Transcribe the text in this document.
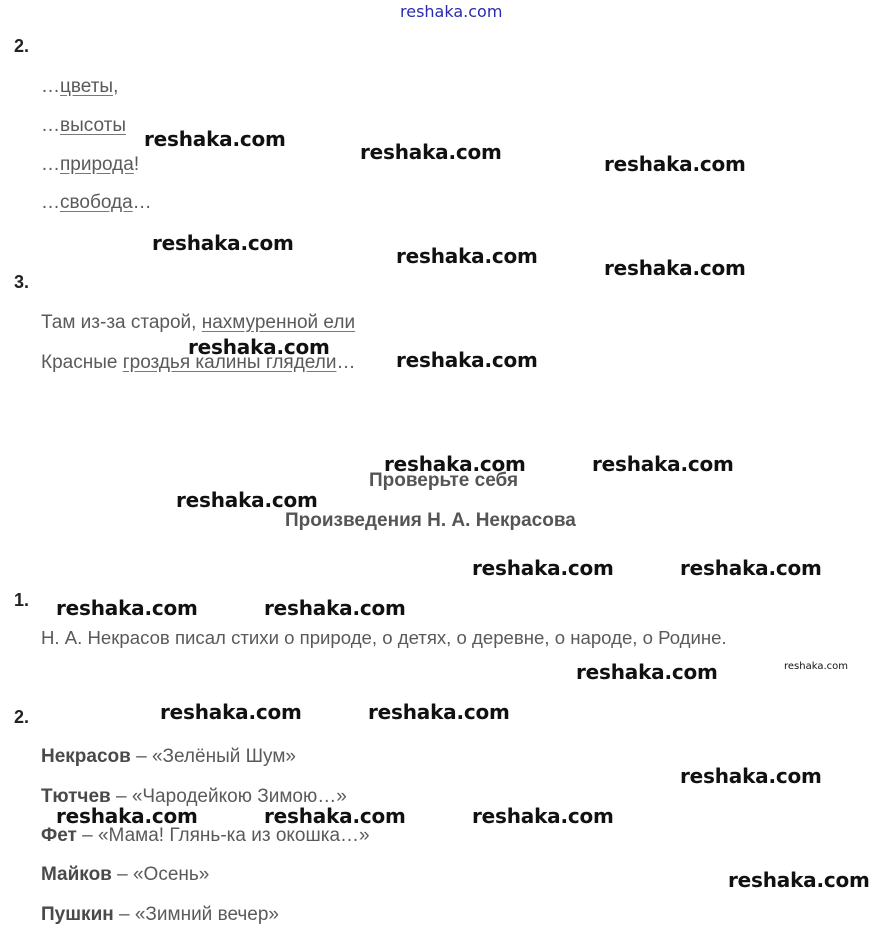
reshaka.com
2.
…цветы,
…высоты
…природа!
…свобода…
3.
Там из-за старой, нахмуренной ели
Красные гроздья калины глядели…
Проверьте себя
Произведения Н. А. Некрасова
1.
Н. А. Некрасов писал стихи о природе, о детях, о деревне, о народе, о Родине.
2.
Некрасов – «Зелёный Шум»
Тютчев – «Чародейкою Зимою…»
Фет – «Мама! Глянь-ка из окошка…»
Майков – «Осень»
Пушкин – «Зимний вечер»
reshaka.com
reshaka.com	reshaka.com
reshaka.com
reshaka.com	reshaka.com
reshaka.com
reshaka.com
reshaka.com	reshaka.com
reshaka.com
reshaka.com	reshaka.com
reshaka.com	reshaka.com
reshaka.com	reshaka.com
reshaka.com	reshaka.com
reshaka.com
reshaka.com	reshaka.com	reshaka.com
reshaka.com
